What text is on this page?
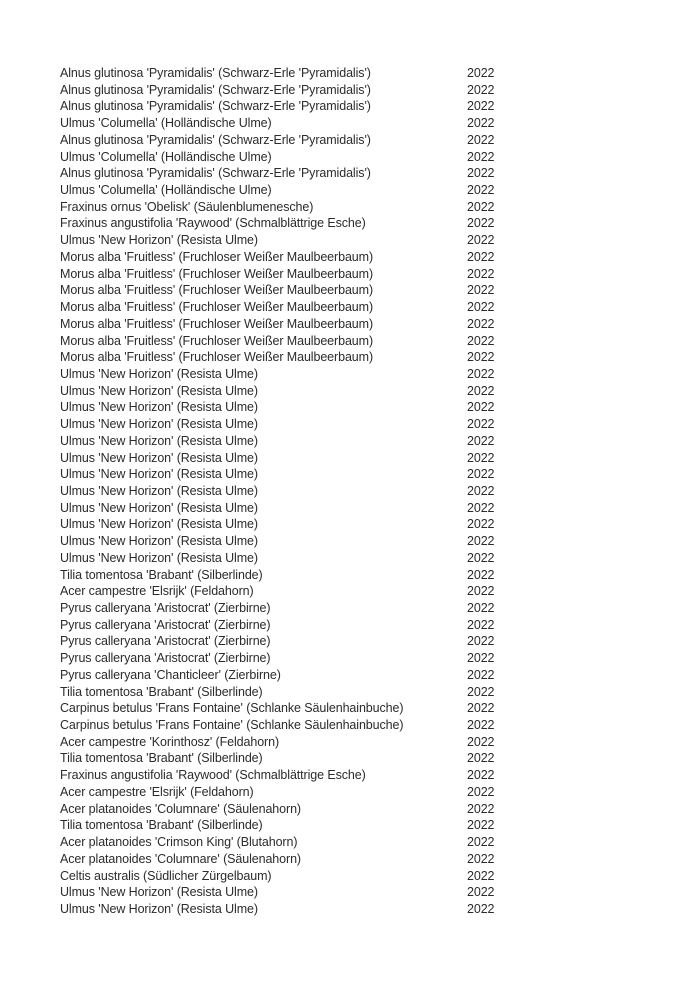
Alnus glutinosa 'Pyramidalis' (Schwarz-Erle 'Pyramidalis')	2022
Alnus glutinosa 'Pyramidalis' (Schwarz-Erle 'Pyramidalis')	2022
Alnus glutinosa 'Pyramidalis' (Schwarz-Erle 'Pyramidalis')	2022
Ulmus 'Columella' (Holländische Ulme)	2022
Alnus glutinosa 'Pyramidalis' (Schwarz-Erle 'Pyramidalis')	2022
Ulmus 'Columella' (Holländische Ulme)	2022
Alnus glutinosa 'Pyramidalis' (Schwarz-Erle 'Pyramidalis')	2022
Ulmus 'Columella' (Holländische Ulme)	2022
Fraxinus ornus 'Obelisk' (Säulenblumenesche)	2022
Fraxinus angustifolia 'Raywood' (Schmalblättrige Esche)	2022
Ulmus 'New Horizon' (Resista Ulme)	2022
Morus alba 'Fruitless' (Fruchloser Weißer Maulbeerbaum)	2022
Morus alba 'Fruitless' (Fruchloser Weißer Maulbeerbaum)	2022
Morus alba 'Fruitless' (Fruchloser Weißer Maulbeerbaum)	2022
Morus alba 'Fruitless' (Fruchloser Weißer Maulbeerbaum)	2022
Morus alba 'Fruitless' (Fruchloser Weißer Maulbeerbaum)	2022
Morus alba 'Fruitless' (Fruchloser Weißer Maulbeerbaum)	2022
Morus alba 'Fruitless' (Fruchloser Weißer Maulbeerbaum)	2022
Ulmus 'New Horizon' (Resista Ulme)	2022
Ulmus 'New Horizon' (Resista Ulme)	2022
Ulmus 'New Horizon' (Resista Ulme)	2022
Ulmus 'New Horizon' (Resista Ulme)	2022
Ulmus 'New Horizon' (Resista Ulme)	2022
Ulmus 'New Horizon' (Resista Ulme)	2022
Ulmus 'New Horizon' (Resista Ulme)	2022
Ulmus 'New Horizon' (Resista Ulme)	2022
Ulmus 'New Horizon' (Resista Ulme)	2022
Ulmus 'New Horizon' (Resista Ulme)	2022
Ulmus 'New Horizon' (Resista Ulme)	2022
Ulmus 'New Horizon' (Resista Ulme)	2022
Tilia tomentosa 'Brabant' (Silberlinde)	2022
Acer campestre 'Elsrijk' (Feldahorn)	2022
Pyrus calleryana 'Aristocrat' (Zierbirne)	2022
Pyrus calleryana 'Aristocrat' (Zierbirne)	2022
Pyrus calleryana 'Aristocrat' (Zierbirne)	2022
Pyrus calleryana 'Aristocrat' (Zierbirne)	2022
Pyrus calleryana 'Chanticleer' (Zierbirne)	2022
Tilia tomentosa 'Brabant' (Silberlinde)	2022
Carpinus betulus 'Frans Fontaine' (Schlanke Säulenhainbuche)	2022
Carpinus betulus 'Frans Fontaine' (Schlanke Säulenhainbuche)	2022
Acer campestre 'Korinthosz' (Feldahorn)	2022
Tilia tomentosa 'Brabant' (Silberlinde)	2022
Fraxinus angustifolia 'Raywood' (Schmalblättrige Esche)	2022
Acer campestre 'Elsrijk' (Feldahorn)	2022
Acer platanoides 'Columnare' (Säulenahorn)	2022
Tilia tomentosa 'Brabant' (Silberlinde)	2022
Acer platanoides 'Crimson King' (Blutahorn)	2022
Acer platanoides 'Columnare' (Säulenahorn)	2022
Celtis australis (Südlicher Zürgelbaum)	2022
Ulmus 'New Horizon' (Resista Ulme)	2022
Ulmus 'New Horizon' (Resista Ulme)	2022
